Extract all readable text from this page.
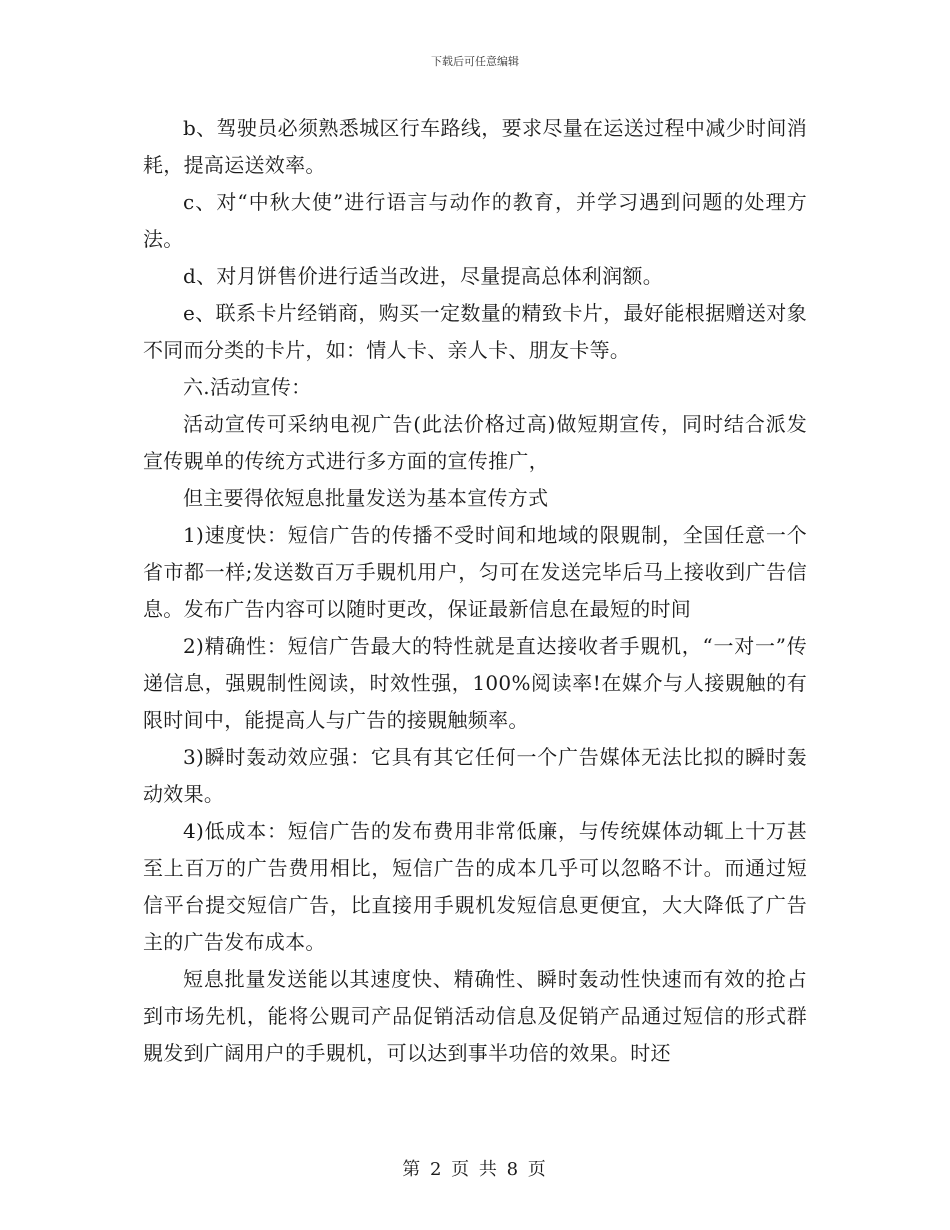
下载后可任意编辑

b、驾驶员必须熟悉城区行车路线，要求尽量在运送过程中减少时间消耗，提高运送效率。

c、对“中秋大使”进行语言与动作的教育，并学习遇到问题的处理方法。

d、对月饼售价进行适当改进，尽量提高总体利润额。

e、联系卡片经销商，购买一定数量的精致卡片，最好能根据赠送对象不同而分类的卡片，如：情人卡、亲人卡、朋友卡等。

六.活动宣传：

活动宣传可采纳电视广告(此法价格过高)做短期宣传，同时结合派发宣传覞单的传统方式进行多方面的宣传推广，

但主要得依短息批量发送为基本宣传方式

1)速度快：短信广告的传播不受时间和地域的限覞制，全国任意一个省市都一样;发送数百万手覞机用户，匀可在发送完毕后马上接收到广告信息。发布广告内容可以随时更改，保证最新信息在最短的时间

2)精确性：短信广告最大的特性就是直达接收者手覞机，“一对一”传递信息，强覞制性阅读，时效性强，100%阅读率!在媒介与人接覞触的有限时间中，能提高人与广告的接覞触频率。

3)瞬时轰动效应强：它具有其它任何一个广告媒体无法比拟的瞬时轰动效果。

4)低成本：短信广告的发布费用非常低廉，与传统媒体动辄上十万甚至上百万的广告费用相比，短信广告的成本几乎可以忽略不计。而通过短信平台提交短信广告，比直接用手覞机发短信息更便宜，大大降低了广告主的广告发布成本。

短息批量发送能以其速度快、精确性、瞬时轰动性快速而有效的抢占到市场先机，能将公覞司产品促销活动信息及促销产品通过短信的形式群覞发到广阔用户的手覞机，可以达到事半功倍的效果。时还

第 2 页 共 8 页
